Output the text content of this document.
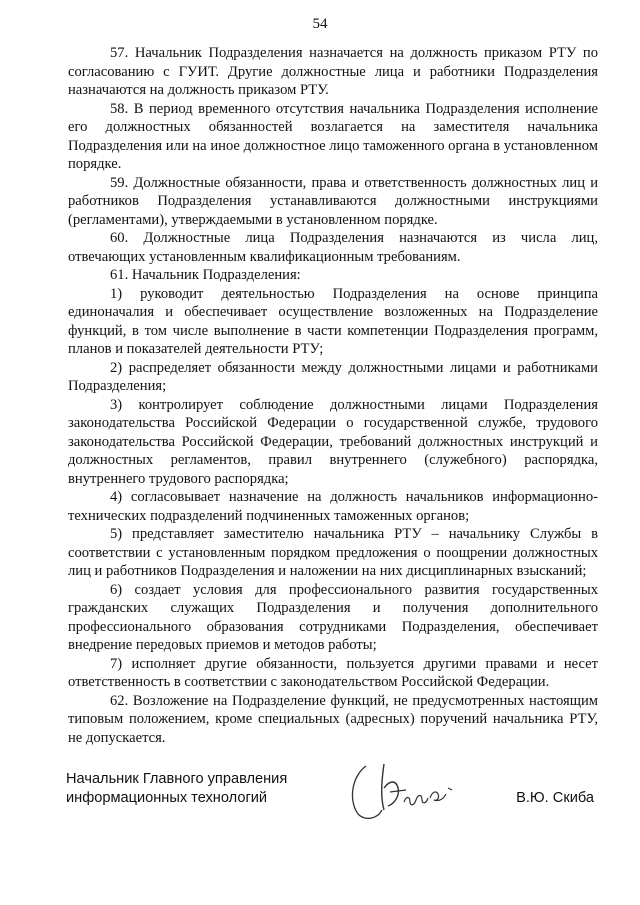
54

57. Начальник Подразделения назначается на должность приказом РТУ по согласованию с ГУИТ. Другие должностные лица и работники Подразделения назначаются на должность приказом РТУ.

58. В период временного отсутствия начальника Подразделения исполнение его должностных обязанностей возлагается на заместителя начальника Подразделения или на иное должностное лицо таможенного органа в установленном порядке.

59. Должностные обязанности, права и ответственность должностных лиц и работников Подразделения устанавливаются должностными инструкциями (регламентами), утверждаемыми в установленном порядке.

60. Должностные лица Подразделения назначаются из числа лиц, отвечающих установленным квалификационным требованиям.

61. Начальник Подразделения:

1) руководит деятельностью Подразделения на основе принципа единоначалия и обеспечивает осуществление возложенных на Подразделение функций, в том числе выполнение в части компетенции Подразделения программ, планов и показателей деятельности РТУ;

2) распределяет обязанности между должностными лицами и работниками Подразделения;

3) контролирует соблюдение должностными лицами Подразделения законодательства Российской Федерации о государственной службе, трудового законодательства Российской Федерации, требований должностных инструкций и должностных регламентов, правил внутреннего (служебного) распорядка, внутреннего трудового распорядка;

4) согласовывает назначение на должность начальников информационно-технических подразделений подчиненных таможенных органов;

5) представляет заместителю начальника РТУ – начальнику Службы в соответствии с установленным порядком предложения о поощрении должностных лиц и работников Подразделения и наложении на них дисциплинарных взысканий;

6) создает условия для профессионального развития государственных гражданских служащих Подразделения и получения дополнительного профессионального образования сотрудниками Подразделения, обеспечивает внедрение передовых приемов и методов работы;

7) исполняет другие обязанности, пользуется другими правами и несет ответственность в соответствии с законодательством Российской Федерации.

62. Возложение на Подразделение функций, не предусмотренных настоящим типовым положением, кроме специальных (адресных) поручений начальника РТУ, не допускается.

Начальник Главного управления
информационных технологий	В.Ю. Скиба
